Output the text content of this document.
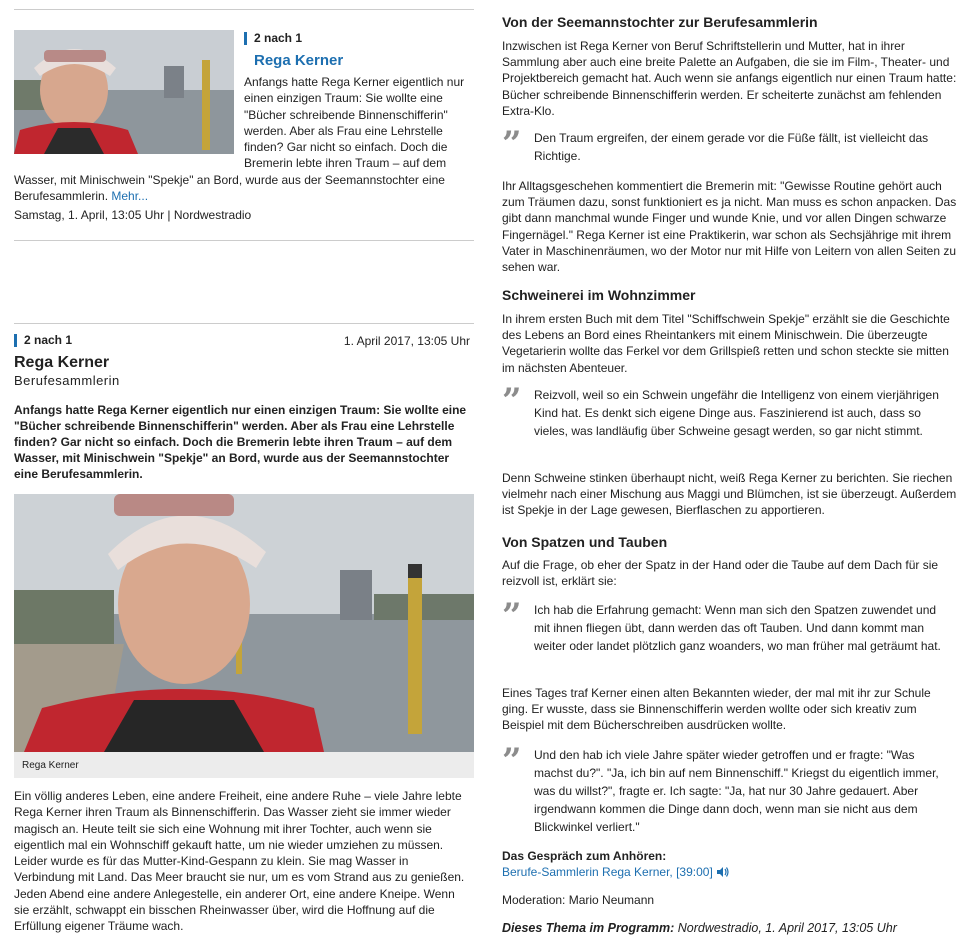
2 nach 1
Rega Kerner
Anfangs hatte Rega Kerner eigentlich nur einen einzigen Traum: Sie wollte eine "Bücher schreibende Binnenschifferin" werden. Aber als Frau eine Lehrstelle finden? Gar nicht so einfach. Doch die Bremerin lebte ihren Traum – auf dem Wasser, mit Minischwein "Spekje" an Bord, wurde aus der Seemannstochter eine Berufesammlerin. Mehr...
Samstag, 1. April, 13:05 Uhr | Nordwestradio
2 nach 1	1. April 2017, 13:05 Uhr
Rega Kerner
Berufesammlerin
Anfangs hatte Rega Kerner eigentlich nur einen einzigen Traum: Sie wollte eine "Bücher schreibende Binnenschifferin" werden. Aber als Frau eine Lehrstelle finden? Gar nicht so einfach. Doch die Bremerin lebte ihren Traum – auf dem Wasser, mit Minischwein "Spekje" an Bord, wurde aus der Seemannstochter eine Berufesammlerin.
Rega Kerner
Ein völlig anderes Leben, eine andere Freiheit, eine andere Ruhe – viele Jahre lebte Rega Kerner ihren Traum als Binnenschifferin. Das Wasser zieht sie immer wieder magisch an. Heute teilt sie sich eine Wohnung mit ihrer Tochter, auch wenn sie eigentlich mal ein Wohnschiff gekauft hatte, um nie wieder umziehen zu müssen. Leider wurde es für das Mutter-Kind-Gespann zu klein. Sie mag Wasser in Verbindung mit Land. Das Meer braucht sie nur, um es vom Strand aus zu genießen. Jeden Abend eine andere Anlegestelle, ein anderer Ort, eine andere Kneipe. Wenn sie erzählt, schwappt ein bisschen Rheinwasser über, wird die Hoffnung auf die Erfüllung eigener Träume wach.
Von der Seemannstochter zur Berufesammlerin
Inzwischen ist Rega Kerner von Beruf Schriftstellerin und Mutter, hat in ihrer Sammlung aber auch eine breite Palette an Aufgaben, die sie im Film-, Theater- und Projektbereich gemacht hat. Auch wenn sie anfangs eigentlich nur einen Traum hatte: Bücher schreibende Binnenschifferin werden. Er scheiterte zunächst am fehlenden Extra-Klo.
” Den Traum ergreifen, der einem gerade vor die Füße fällt, ist vielleicht das Richtige.
Ihr Alltagsgeschehen kommentiert die Bremerin mit: "Gewisse Routine gehört auch zum Träumen dazu, sonst funktioniert es ja nicht. Man muss es schon anpacken. Das gibt dann manchmal wunde Finger und wunde Knie, und vor allen Dingen schwarze Fingernägel." Rega Kerner ist eine Praktikerin, war schon als Sechsjährige mit ihrem Vater in Maschinenräumen, wo der Motor nur mit Hilfe von Leitern von allen Seiten zu sehen war.
Schweinerei im Wohnzimmer
In ihrem ersten Buch mit dem Titel "Schiffschwein Spekje" erzählt sie die Geschichte des Lebens an Bord eines Rheintankers mit einem Minischwein. Die überzeugte Vegetarierin wollte das Ferkel vor dem Grillspieß retten und schon steckte sie mitten im nächsten Abenteuer.
” Reizvoll, weil so ein Schwein ungefähr die Intelligenz von einem vierjährigen Kind hat. Es denkt sich eigene Dinge aus. Faszinierend ist auch, dass so vieles, was landläufig über Schweine gesagt werden, so gar nicht stimmt.
Denn Schweine stinken überhaupt nicht, weiß Rega Kerner zu berichten. Sie riechen vielmehr nach einer Mischung aus Maggi und Blümchen, ist sie überzeugt. Außerdem ist Spekje in der Lage gewesen, Bierflaschen zu apportieren.
Von Spatzen und Tauben
Auf die Frage, ob eher der Spatz in der Hand oder die Taube auf dem Dach für sie reizvoll ist, erklärt sie:
” Ich hab die Erfahrung gemacht: Wenn man sich den Spatzen zuwendet und mit ihnen fliegen übt, dann werden das oft Tauben. Und dann kommt man weiter oder landet plötzlich ganz woanders, wo man früher mal geträumt hat.
Eines Tages traf Kerner einen alten Bekannten wieder, der mal mit ihr zur Schule ging. Er wusste, dass sie Binnenschifferin werden wollte oder sich kreativ zum Beispiel mit dem Bücherschreiben ausdrücken wollte.
” Und den hab ich viele Jahre später wieder getroffen und er fragte: "Was machst du?". "Ja, ich bin auf nem Binnenschiff." Kriegst du eigentlich immer, was du willst?", fragte er. Ich sagte: "Ja, hat nur 30 Jahre gedauert. Aber irgendwann kommen die Dinge dann doch, wenn man sie nicht aus dem Blickwinkel verliert."
Das Gespräch zum Anhören:
Berufe-Sammlerin Rega Kerner, [39:00]
Moderation: Mario Neumann
Dieses Thema im Programm: Nordwestradio, 1. April 2017, 13:05 Uhr
